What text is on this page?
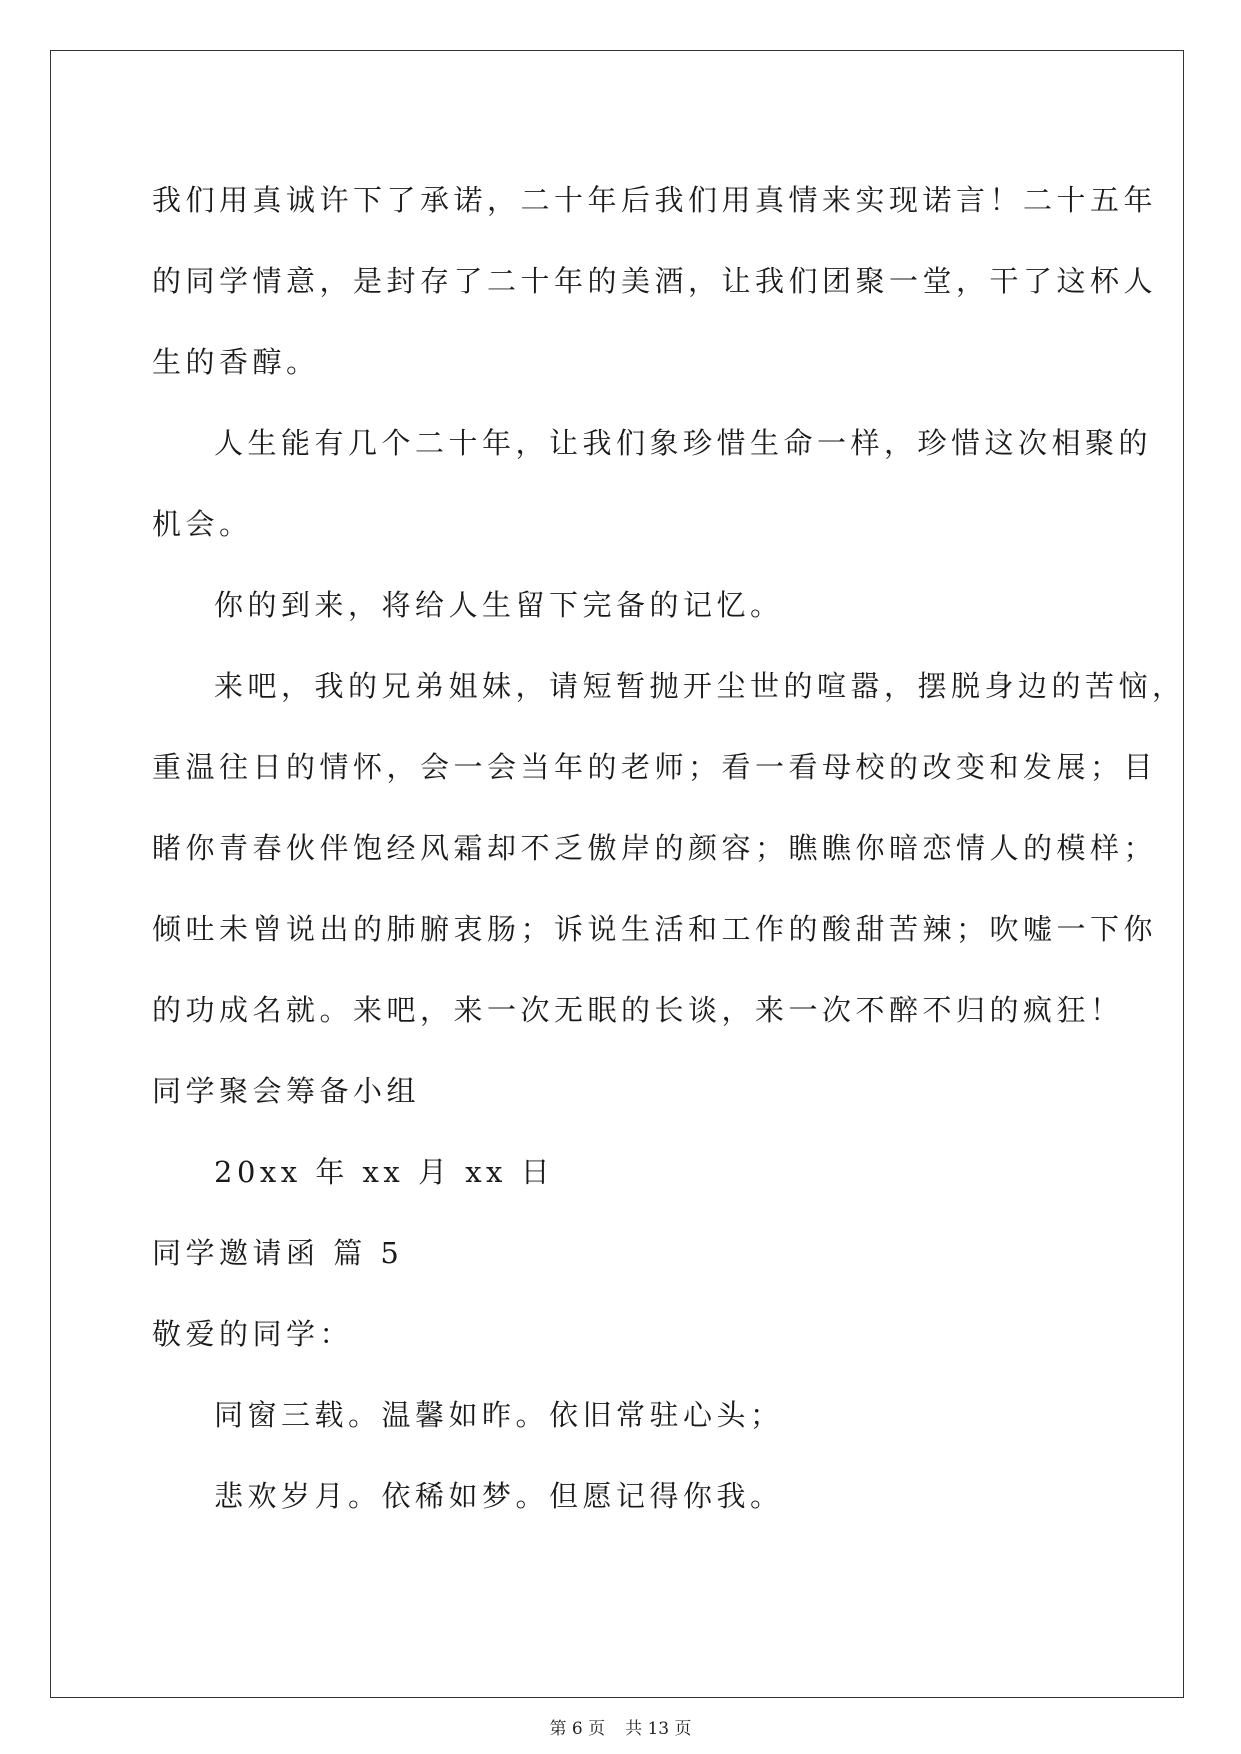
我们用真诚许下了承诺，二十年后我们用真情来实现诺言！二十五年
的同学情意，是封存了二十年的美酒，让我们团聚一堂，干了这杯人
生的香醇。
人生能有几个二十年，让我们象珍惜生命一样，珍惜这次相聚的
机会。
你的到来，将给人生留下完备的记忆。
来吧，我的兄弟姐妹，请短暂抛开尘世的喧嚣，摆脱身边的苦恼，
重温往日的情怀，会一会当年的老师；看一看母校的改变和发展；目
睹你青春伙伴饱经风霜却不乏傲岸的颜容；瞧瞧你暗恋情人的模样；
倾吐未曾说出的肺腑衷肠；诉说生活和工作的酸甜苦辣；吹嘘一下你
的功成名就。来吧，来一次无眠的长谈，来一次不醉不归的疯狂！
同学聚会筹备小组
20xx 年 xx 月 xx 日
同学邀请函 篇 5
敬爱的同学：
同窗三载。温馨如昨。依旧常驻心头；
悲欢岁月。依稀如梦。但愿记得你我。
第 6 页 共 13 页
